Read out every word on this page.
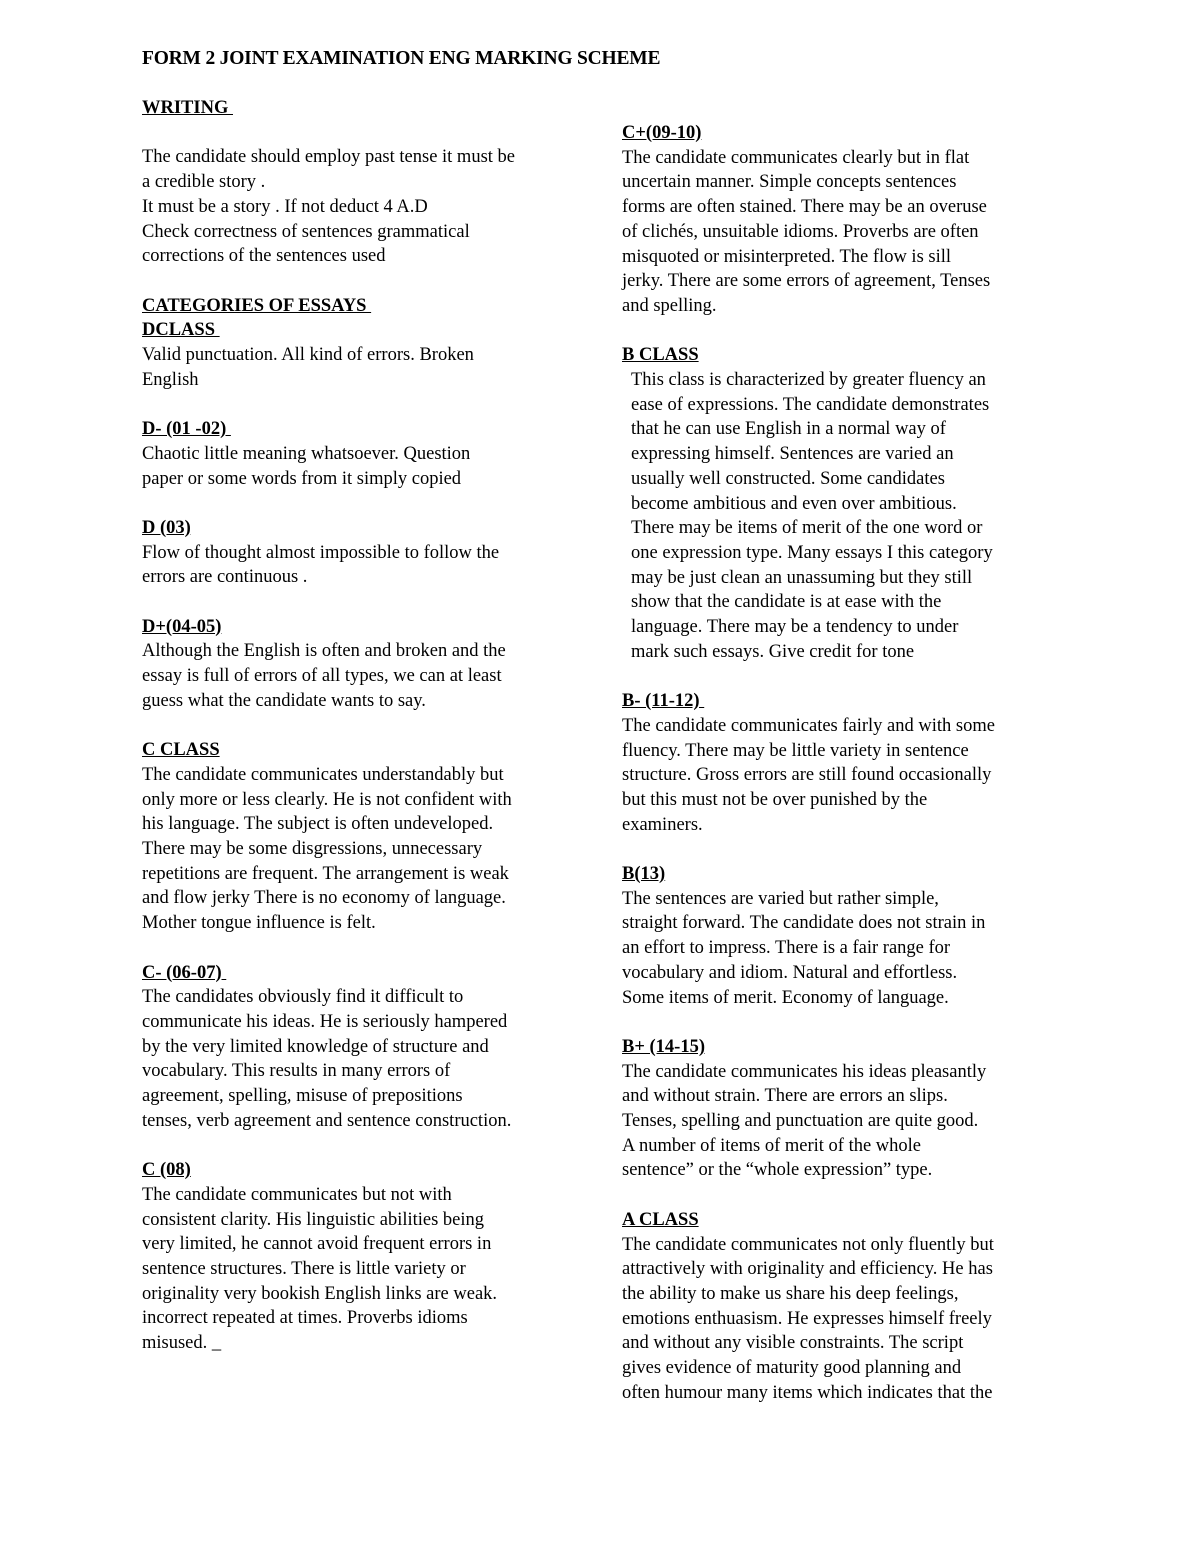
FORM 2 JOINT EXAMINATION ENG MARKING SCHEME
WRITING
The candidate should employ past tense it must be
a credible story .
It must be a story . If not deduct 4 A.D
Check correctness of sentences grammatical
corrections of the sentences used
CATEGORIES OF ESSAYS
DCLASS
Valid punctuation. All kind of errors. Broken
English
D- (01 -02)
Chaotic little meaning whatsoever. Question
paper or some words from it simply copied
D (03)
Flow of thought almost impossible to follow the
errors are continuous .
D+(04-05)
Although the English is often and broken and the
essay is full of errors of all types, we can at least
guess what the candidate wants to say.
C CLASS
The candidate communicates understandably but
only more or less clearly. He is not confident with
his language. The subject is often undeveloped.
There may be some disgressions, unnecessary
repetitions are frequent. The arrangement is weak
and flow jerky There is no economy of language.
Mother tongue influence is felt.
C- (06-07)
The candidates obviously find it difficult to
communicate his ideas. He is seriously hampered
by the very limited knowledge of structure and
vocabulary. This results in many errors of
agreement, spelling, misuse of prepositions
tenses, verb agreement and sentence construction.
C (08)
The candidate communicates but not with
consistent clarity. His linguistic abilities being
very limited, he cannot avoid frequent errors in
sentence structures. There is little variety or
originality very bookish English links are weak.
incorrect repeated at times. Proverbs idioms
misused. _
C+(09-10)
The candidate communicates clearly but in flat
uncertain manner. Simple concepts sentences
forms are often stained. There may be an overuse
of clichés, unsuitable idioms. Proverbs are often
misquoted or misinterpreted. The flow is sill
jerky. There are some errors of agreement, Tenses
and spelling.
B CLASS
This class is characterized by greater fluency an
ease of expressions. The candidate demonstrates
that he can use English in a normal way of
expressing himself. Sentences are varied an
usually well constructed. Some candidates
become ambitious and even over ambitious.
There may be items of merit of the one word or
one expression type. Many essays I this category
may be just clean an unassuming but they still
show that the candidate is at ease with the
language. There may be a tendency to under
mark such essays. Give credit for tone
B- (11-12)
The candidate communicates fairly and with some
fluency. There may be little variety in sentence
structure. Gross errors are still found occasionally
but this must not be over punished by the
examiners.
B(13)
The sentences are varied but rather simple,
straight forward. The candidate does not strain in
an effort to impress. There is a fair range for
vocabulary and idiom. Natural and effortless.
Some items of merit. Economy of language.
B+ (14-15)
The candidate communicates his ideas pleasantly
and without strain. There are errors an slips.
Tenses, spelling and punctuation are quite good.
A number of items of merit of the whole
sentence” or the “whole expression” type.
A CLASS
The candidate communicates not only fluently but
attractively with originality and efficiency. He has
the ability to make us share his deep feelings,
emotions enthuasism. He expresses himself freely
and without any visible constraints. The script
gives evidence of maturity good planning and
often humour many items which indicates that the
